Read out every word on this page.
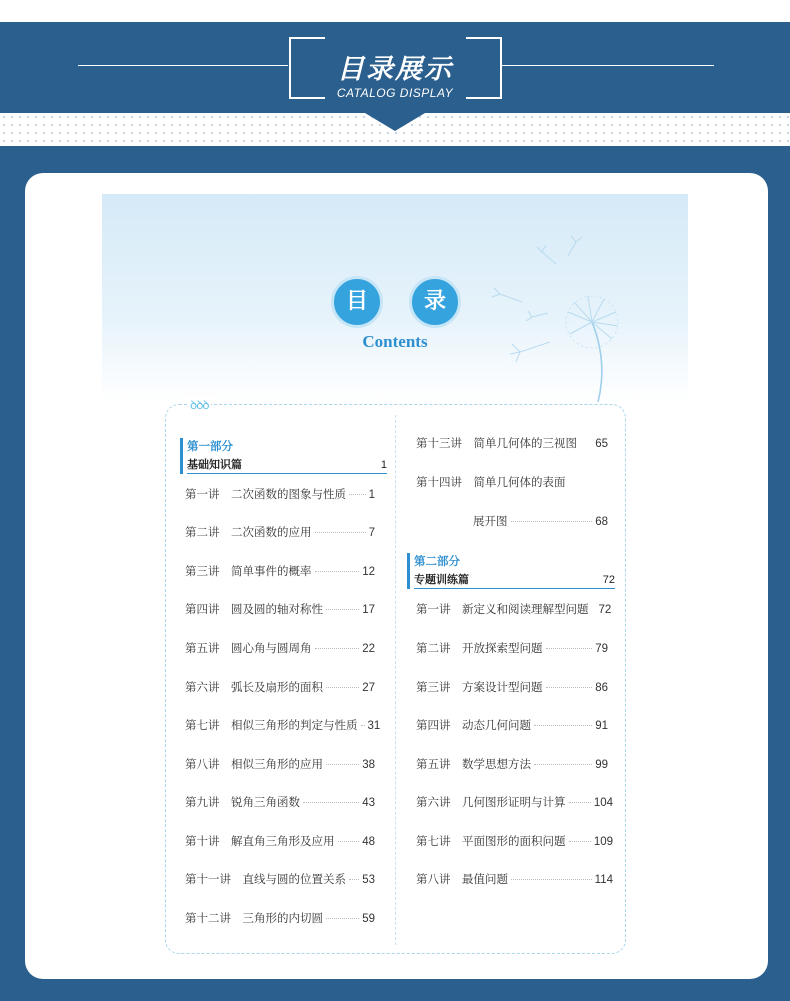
目录展示
CATALOG DISPLAY
目	录
Contents
ꝺꝺꝺ
第一部分
基础知识篇	1
第一讲　二次函数的图象与性质 1
第二讲　二次函数的应用	7
第三讲　简单事件的概率	12
第四讲　圆及圆的轴对称性	17
第五讲　圆心角与圆周角	22
第六讲　弧长及扇形的面积	27
第七讲　相似三角形的判定与性质 31
第八讲　相似三角形的应用	38
第九讲　锐角三角函数	43
第十讲　解直角三角形及应用 48
第十一讲　直线与圆的位置关系 53
第十二讲　三角形的内切圆	59
第十三讲　简单几何体的三视图 65
第十四讲　简单几何体的表面
展开图	68
第二部分
专题训练篇	72
第一讲　新定义和阅读理解型问题 72
第二讲　开放探索型问题	79
第三讲　方案设计型问题	86
第四讲　动态几何问题	91
第五讲　数学思想方法	99
第六讲　几何图形证明与计算 104
第七讲　平面图形的面积问题 109
第八讲　最值问题	114
